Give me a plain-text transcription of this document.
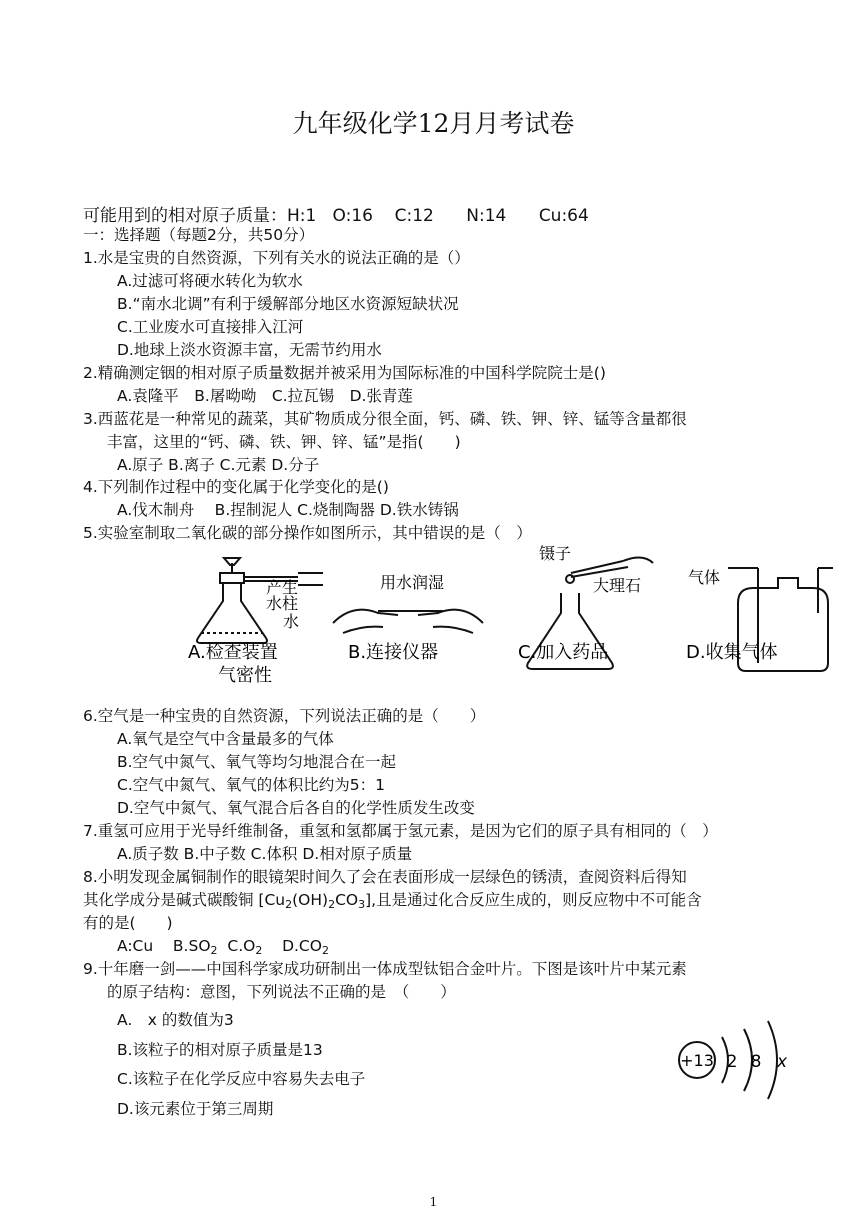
九年级化学12月月考试卷
可能用到的相对原子质量：H:1 O:16 C:12 N:14 Cu:64
一：选择题（每题2分，共50分）
1.水是宝贵的自然资源，下列有关水的说法正确的是（）
A.过滤可将硬水转化为软水
B.“南水北调”有利于缓解部分地区水资源短缺状况
C.工业废水可直接排入江河
D.地球上淡水资源丰富，无需节约用水
2.精确测定铟的相对原子质量数据并被采用为国际标准的中国科学院院士是()
A.袁隆平　B.屠呦呦　C.拉瓦锡　D.张青莲
3.西蓝花是一种常见的蔬菜，其矿物质成分很全面，钙、磷、铁、钾、锌、锰等含量都很
丰富，这里的“钙、磷、铁、钾、锌、锰”是指(　　)
A.原子 B.离子 C.元素 D.分子
4.下列制作过程中的变化属于化学变化的是()
A.伐木制舟　 B.捏制泥人 C.烧制陶器 D.铁水铸锅
5.实验室制取二氧化碳的部分操作如图所示，其中错误的是（　）
产生
水柱
水
用水润湿
镊子
大理石	气体
A.检查装置
气密性
B.连接仪器	C.加入药品	D.收集气体
6.空气是一种宝贵的自然资源，下列说法正确的是（　　）
A.氧气是空气中含量最多的气体
B.空气中氮气、氧气等均匀地混合在一起
C.空气中氮气、氧气的体积比约为5：1
D.空气中氮气、氧气混合后各自的化学性质发生改变
7.重氢可应用于光导纤维制备，重氢和氢都属于氢元素，是因为它们的原子具有相同的（　）
A.质子数 B.中子数 C.体积 D.相对原子质量
8.小明发现金属铜制作的眼镜架时间久了会在表面形成一层绿色的锈渍，查阅资料后得知
其化学成分是碱式碳酸铜 $[Cu_2(OH)_2CO_3]$,且是通过化合反应生成的，则反应物中不可能含
有的是(　　)
A:Cu $B.SO_2$ $C.O_2$ $D.CO_2$
9.十年磨一剑——中国科学家成功研制出一体成型钛铝合金叶片。下图是该叶片中某元素
的原子结构：意图，下列说法不正确的是　（　　）
A.　x 的数值为3
B.该粒子的相对原子质量是13
C.该粒子在化学反应中容易失去电子
D.该元素位于第三周期
+13 2 8 x
1
